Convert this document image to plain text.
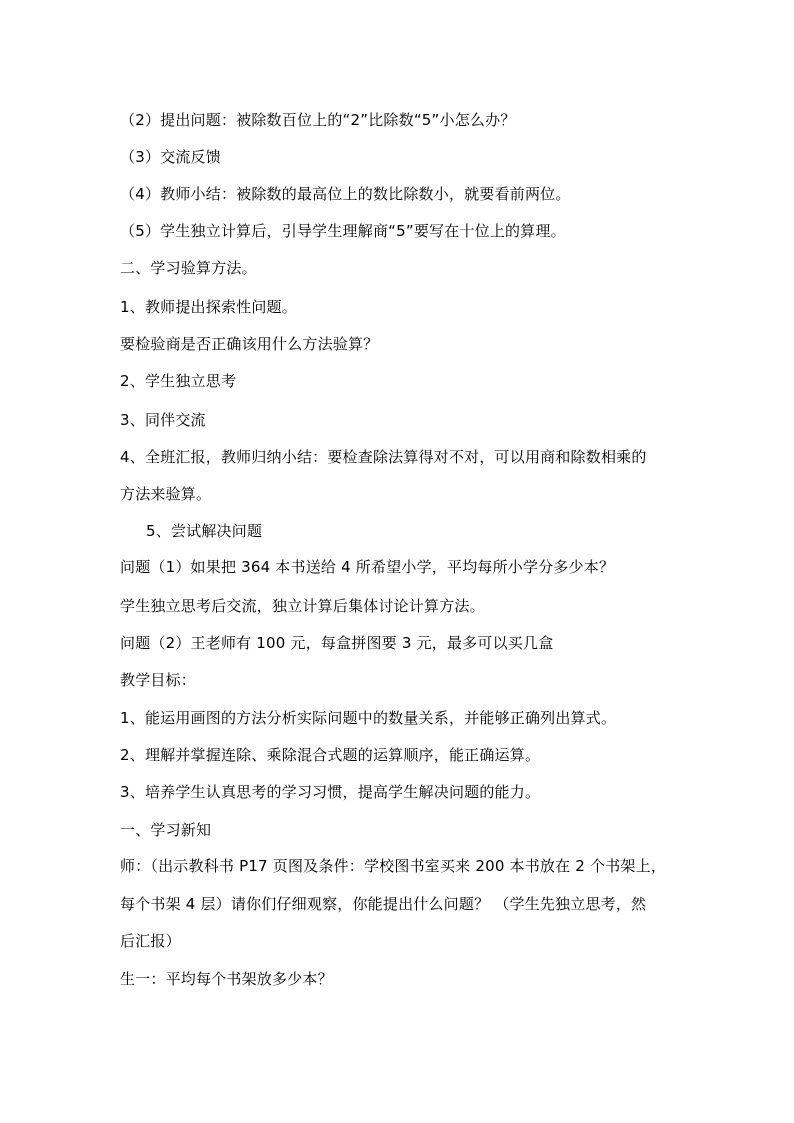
（2）提出问题：被除数百位上的“2”比除数“5”小怎么办？
（3）交流反馈
（4）教师小结：被除数的最高位上的数比除数小，就要看前两位。
（5）学生独立计算后，引导学生理解商“5”要写在十位上的算理。
二、学习验算方法。
1、教师提出探索性问题。
要检验商是否正确该用什么方法验算？
2、学生独立思考
3、同伴交流
4、全班汇报，教师归纳小结：要检查除法算得对不对，可以用商和除数相乘的
方法来验算。
5、尝试解决问题
问题（1）如果把 364 本书送给 4 所希望小学，平均每所小学分多少本？
学生独立思考后交流，独立计算后集体讨论计算方法。
问题（2）王老师有 100 元，每盒拼图要 3 元，最多可以买几盒
教学目标：
1、能运用画图的方法分析实际问题中的数量关系，并能够正确列出算式。
2、理解并掌握连除、乘除混合式题的运算顺序，能正确运算。
3、培养学生认真思考的学习习惯，提高学生解决问题的能力。
一、学习新知
师：（出示教科书 P17 页图及条件：学校图书室买来 200 本书放在 2 个书架上，
每个书架 4 层）请你们仔细观察，你能提出什么问题？ （学生先独立思考，然
后汇报）
生一：平均每个书架放多少本？
